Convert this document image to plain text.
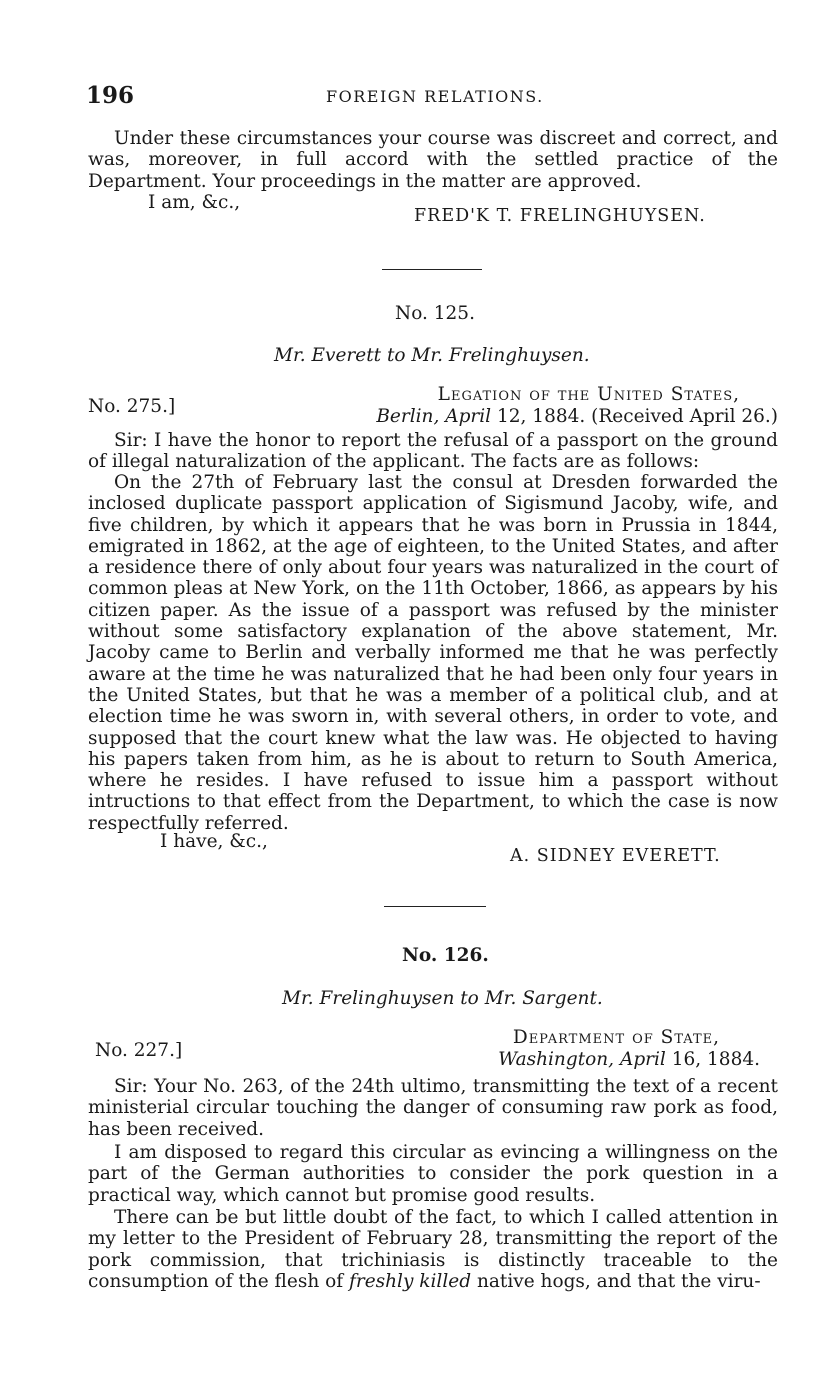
196	FOREIGN RELATIONS.

Under these circumstances your course was discreet and correct, and was, moreover, in full accord with the settled practice of the Department. Your proceedings in the matter are approved.

I am, &c.,
FRED'K T. FRELINGHUYSEN.
No. 125.
Mr. Everett to Mr. Frelinghuysen.
No. 275.]
Legation of the United States,
Berlin, April 12, 1884. (Received April 26.)

Sir: I have the honor to report the refusal of a passport on the ground of illegal naturalization of the applicant. The facts are as follows:

On the 27th of February last the consul at Dresden forwarded the inclosed duplicate passport application of Sigismund Jacoby, wife, and five children, by which it appears that he was born in Prussia in 1844, emigrated in 1862, at the age of eighteen, to the United States, and after a residence there of only about four years was naturalized in the court of common pleas at New York, on the 11th October, 1866, as appears by his citizen paper. As the issue of a passport was refused by the minister without some satisfactory explanation of the above statement, Mr. Jacoby came to Berlin and verbally informed me that he was perfectly aware at the time he was naturalized that he had been only four years in the United States, but that he was a member of a political club, and at election time he was sworn in, with several others, in order to vote, and supposed that the court knew what the law was. He objected to having his papers taken from him, as he is about to return to South America, where he resides. I have refused to issue him a passport without intructions to that effect from the Department, to which the case is now respectfully referred.

I have, &c.,
A. SIDNEY EVERETT.
No. 126.
Mr. Frelinghuysen to Mr. Sargent.
No. 227.]
Department of State,
Washington, April 16, 1884.

Sir: Your No. 263, of the 24th ultimo, transmitting the text of a recent ministerial circular touching the danger of consuming raw pork as food, has been received.

I am disposed to regard this circular as evincing a willingness on the part of the German authorities to consider the pork question in a practical way, which cannot but promise good results.

There can be but little doubt of the fact, to which I called attention in my letter to the President of February 28, transmitting the report of the pork commission, that trichiniasis is distinctly traceable to the consumption of the flesh of freshly killed native hogs, and that the viru-
